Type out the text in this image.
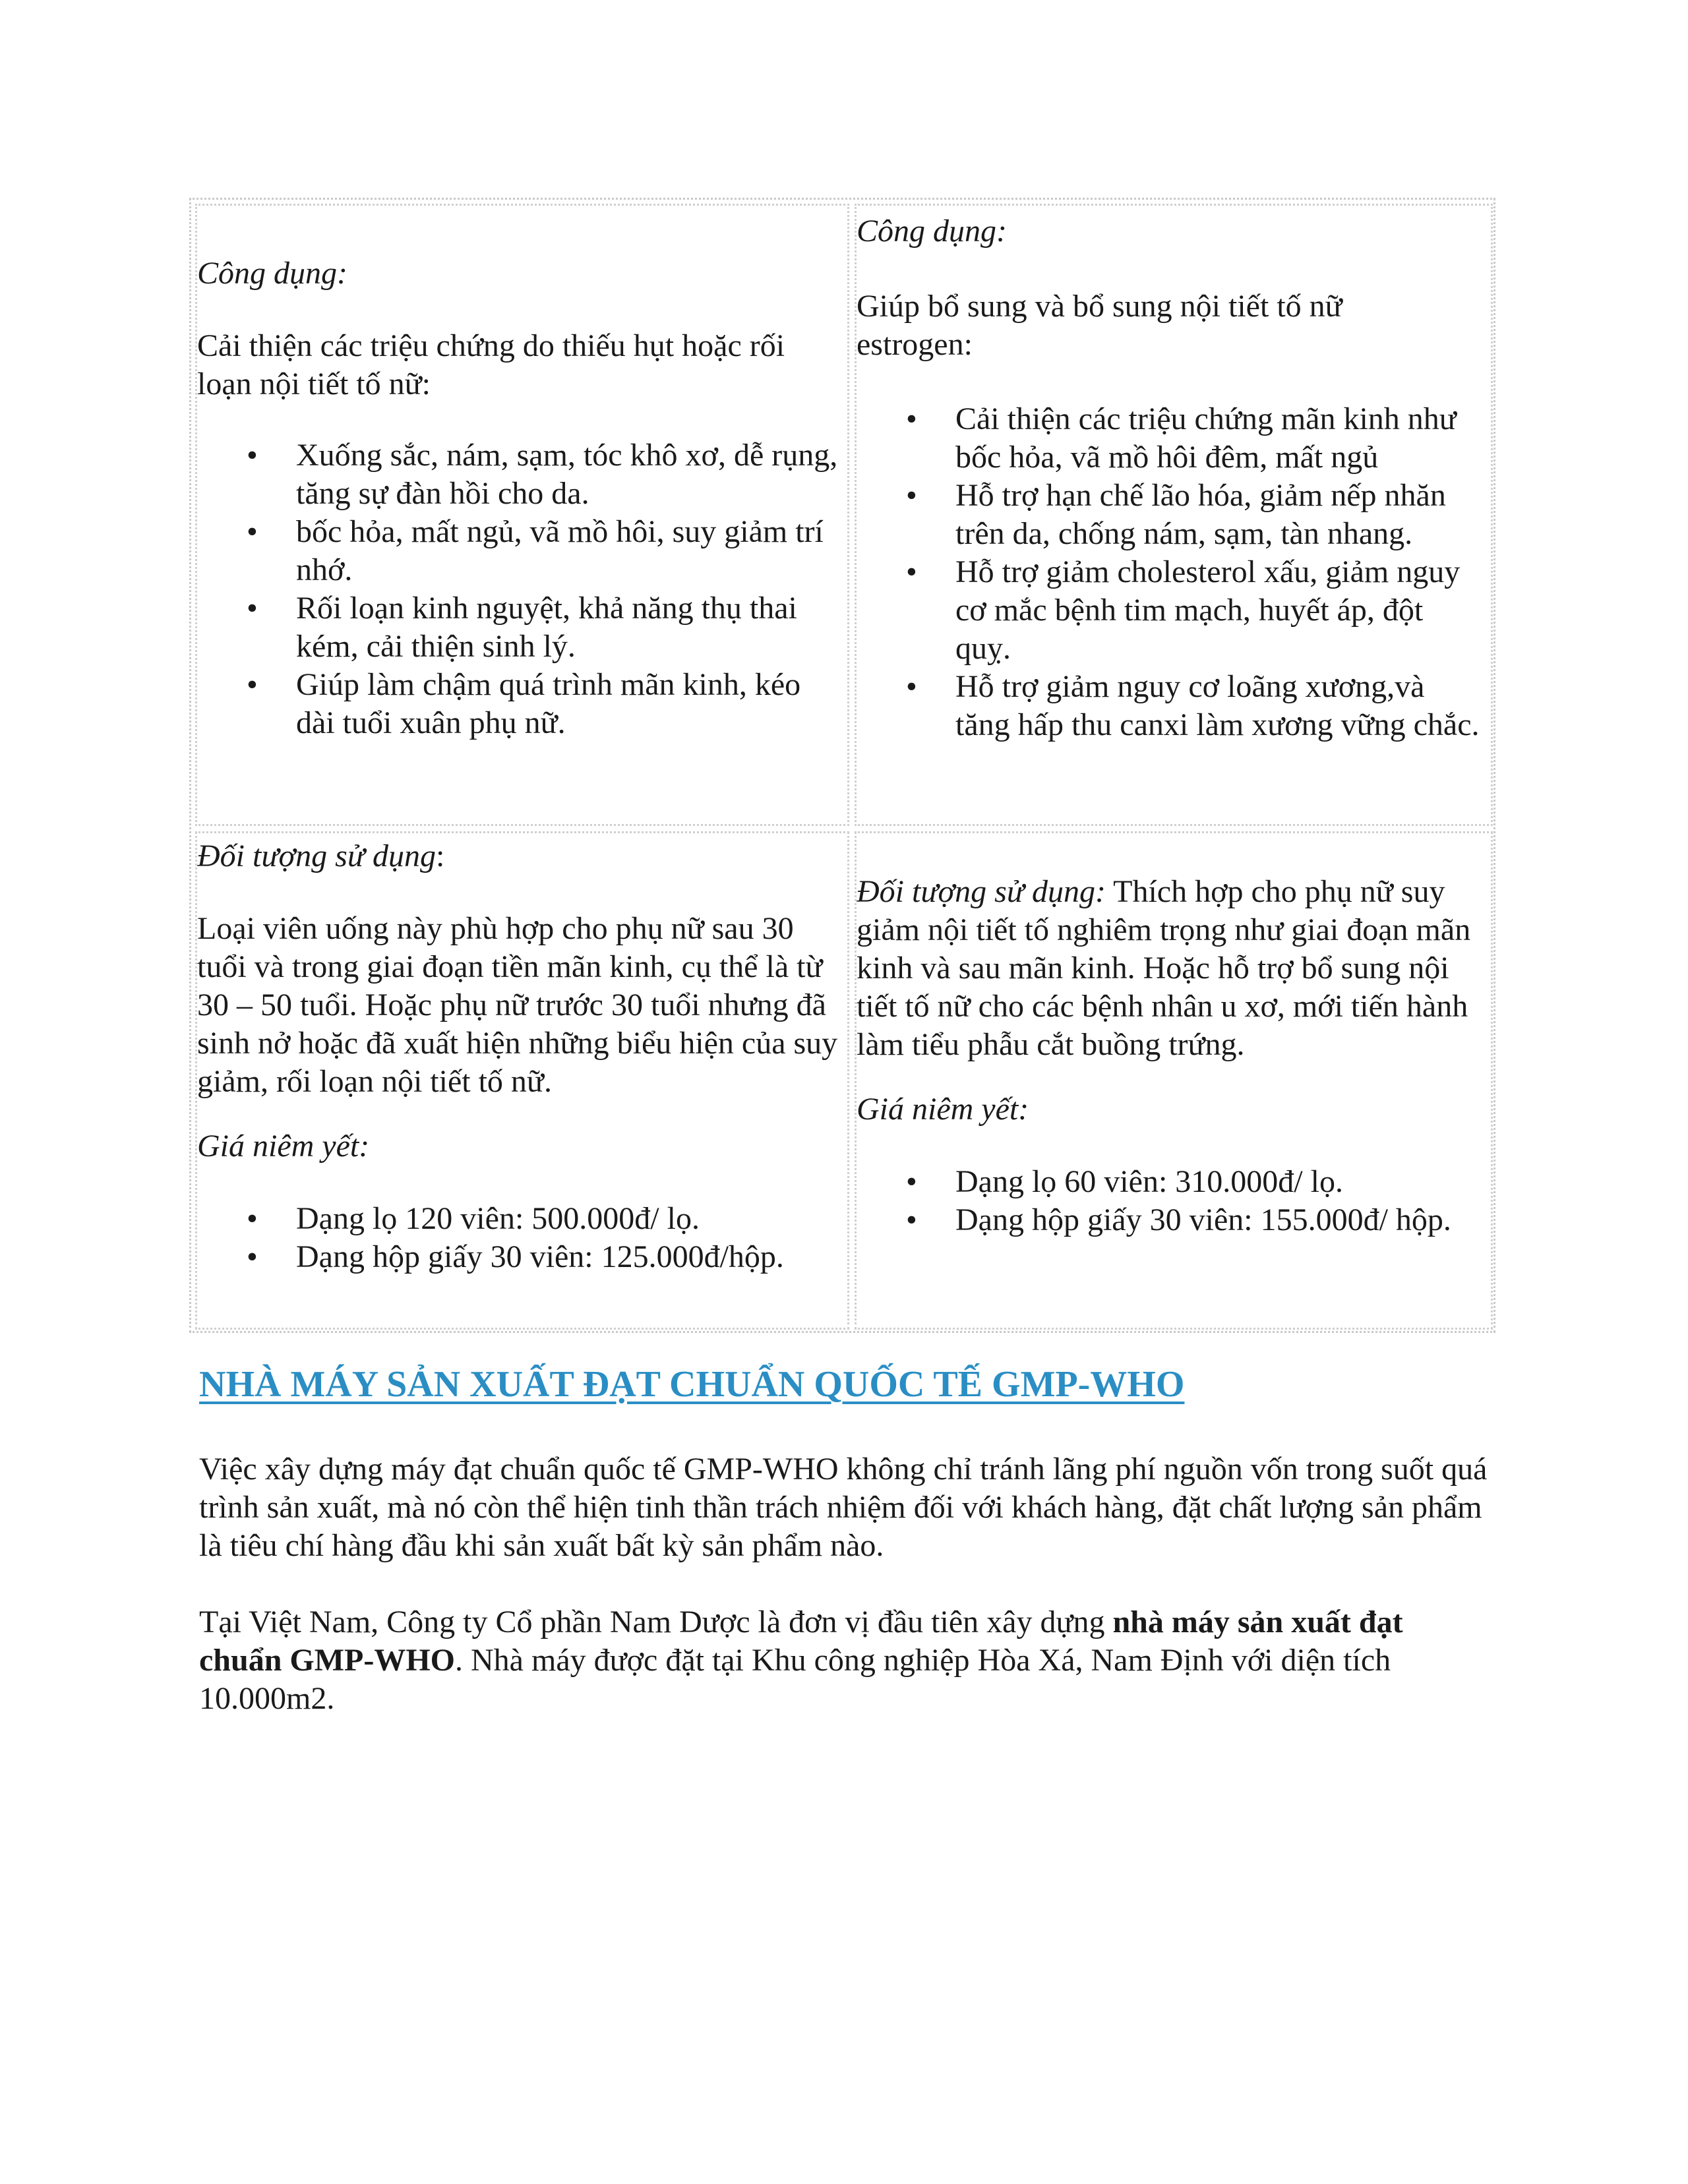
Công dụng:

Cải thiện các triệu chứng do thiếu hụt hoặc rối loạn nội tiết tố nữ:

• Xuống sắc, nám, sạm, tóc khô xơ, dễ rụng, tăng sự đàn hồi cho da.
• bốc hỏa, mất ngủ, vã mồ hôi, suy giảm trí nhớ.
• Rối loạn kinh nguyệt, khả năng thụ thai kém, cải thiện sinh lý.
• Giúp làm chậm quá trình mãn kinh, kéo dài tuổi xuân phụ nữ.

Công dụng:

Giúp bổ sung và bổ sung nội tiết tố nữ estrogen:

• Cải thiện các triệu chứng mãn kinh như bốc hỏa, vã mồ hôi đêm, mất ngủ
• Hỗ trợ hạn chế lão hóa, giảm nếp nhăn trên da, chống nám, sạm, tàn nhang.
• Hỗ trợ giảm cholesterol xấu, giảm nguy cơ mắc bệnh tim mạch, huyết áp, đột quỵ.
• Hỗ trợ giảm nguy cơ loãng xương,và tăng hấp thu canxi làm xương vững chắc.

Đối tượng sử dụng:

Loại viên uống này phù hợp cho phụ nữ sau 30 tuổi và trong giai đoạn tiền mãn kinh, cụ thể là từ 30 – 50 tuổi. Hoặc phụ nữ trước 30 tuổi nhưng đã sinh nở hoặc đã xuất hiện những biểu hiện của suy giảm, rối loạn nội tiết tố nữ.

Giá niêm yết:

• Dạng lọ 120 viên: 500.000đ/ lọ.
• Dạng hộp giấy 30 viên: 125.000đ/hộp.

Đối tượng sử dụng: Thích hợp cho phụ nữ suy giảm nội tiết tố nghiêm trọng như giai đoạn mãn kinh và sau mãn kinh. Hoặc hỗ trợ bổ sung nội tiết tố nữ cho các bệnh nhân u xơ, mới tiến hành làm tiểu phẫu cắt buồng trứng.

Giá niêm yết:

• Dạng lọ 60 viên: 310.000đ/ lọ.
• Dạng hộp giấy 30 viên: 155.000đ/ hộp.
NHÀ MÁY SẢN XUẤT ĐẠT CHUẨN QUỐC TẾ GMP-WHO

Việc xây dựng máy đạt chuẩn quốc tế GMP-WHO không chỉ tránh lãng phí nguồn vốn trong suốt quá trình sản xuất, mà nó còn thể hiện tinh thần trách nhiệm đối với khách hàng, đặt chất lượng sản phẩm là tiêu chí hàng đầu khi sản xuất bất kỳ sản phẩm nào.

Tại Việt Nam, Công ty Cổ phần Nam Dược là đơn vị đầu tiên xây dựng nhà máy sản xuất đạt chuẩn GMP-WHO. Nhà máy được đặt tại Khu công nghiệp Hòa Xá, Nam Định với diện tích 10.000m2.
